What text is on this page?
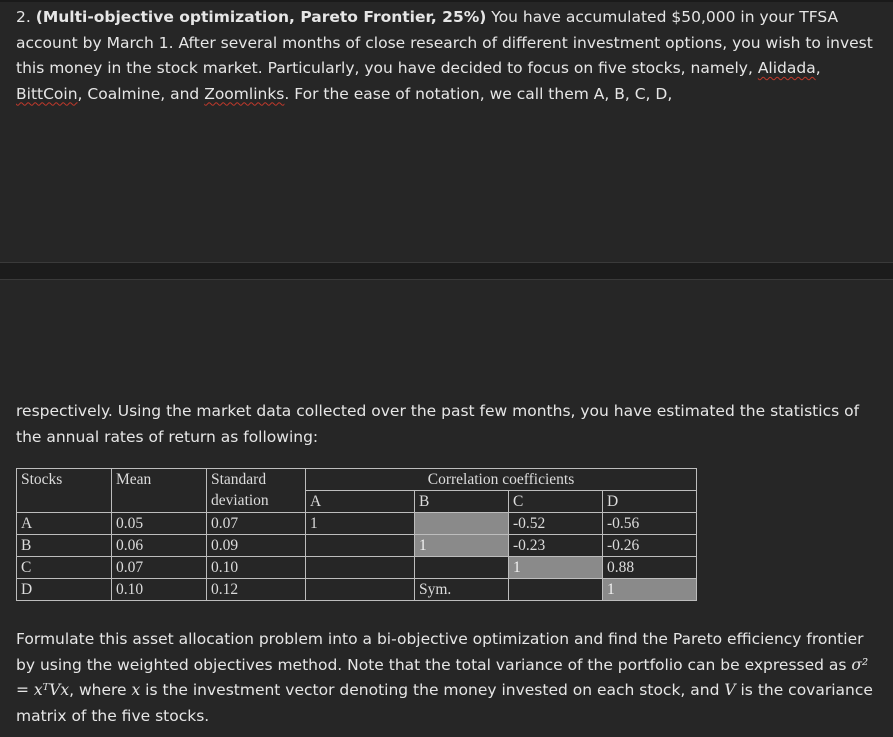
2. (Multi-objective optimization, Pareto Frontier, 25%) You have accumulated $50,000 in your TFSA account by March 1. After several months of close research of different investment options, you wish to invest this money in the stock market. Particularly, you have decided to focus on five stocks, namely, Alidada, BittCoin, Coalmine, and Zoomlinks. For the ease of notation, we call them A, B, C, D,
respectively. Using the market data collected over the past few months, you have estimated the statistics of the annual rates of return as following:
Stocks	Mean	Standard deviation	Correlation coefficients			
			A	B	C	D
A	0.05	0.07	1		-0.52	-0.56
B	0.06	0.09		1	-0.23	-0.26
C	0.07	0.10			1	0.88
D	0.10	0.12		Sym.		1
Formulate this asset allocation problem into a bi-objective optimization and find the Pareto efficiency frontier by using the weighted objectives method. Note that the total variance of the portfolio can be expressed as σ² = xᵀVx, where x is the investment vector denoting the money invested on each stock, and V is the covariance matrix of the five stocks.
